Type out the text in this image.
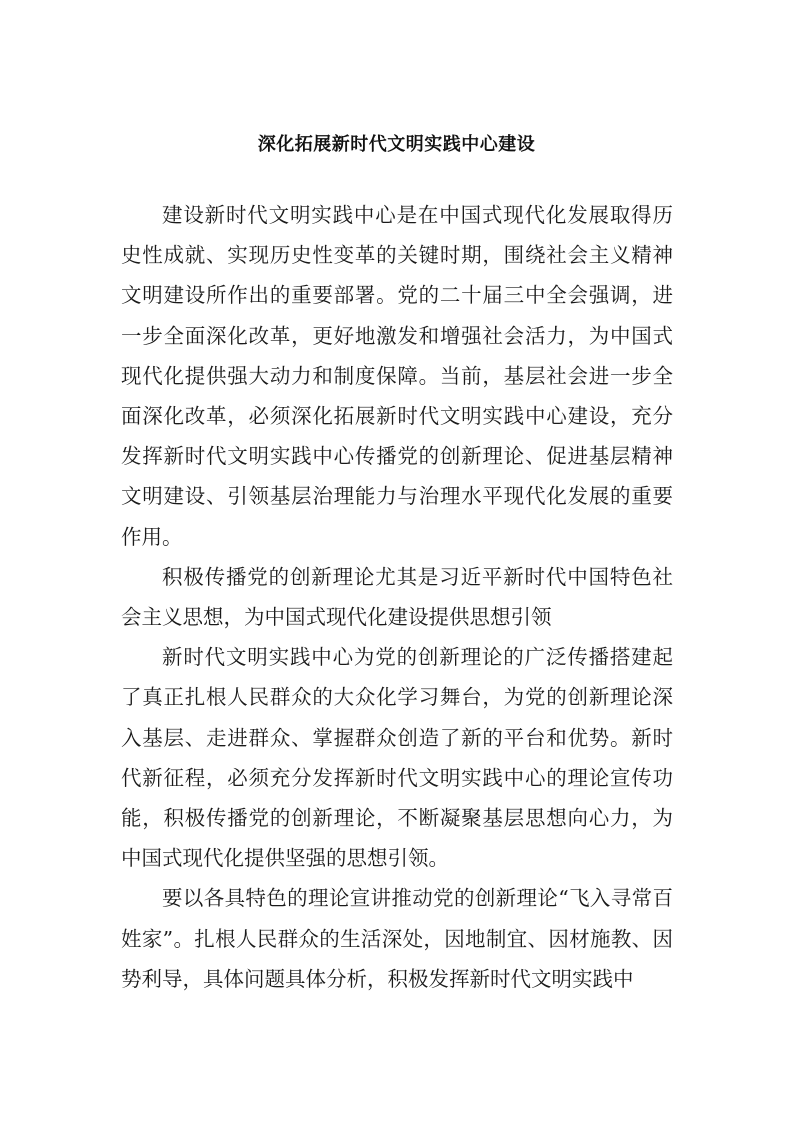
深化拓展新时代文明实践中心建设

建设新时代文明实践中心是在中国式现代化发展取得历史性成就、实现历史性变革的关键时期，围绕社会主义精神文明建设所作出的重要部署。党的二十届三中全会强调，进一步全面深化改革，更好地激发和增强社会活力，为中国式现代化提供强大动力和制度保障。当前，基层社会进一步全面深化改革，必须深化拓展新时代文明实践中心建设，充分发挥新时代文明实践中心传播党的创新理论、促进基层精神文明建设、引领基层治理能力与治理水平现代化发展的重要作用。

积极传播党的创新理论尤其是习近平新时代中国特色社会主义思想，为中国式现代化建设提供思想引领

新时代文明实践中心为党的创新理论的广泛传播搭建起了真正扎根人民群众的大众化学习舞台，为党的创新理论深入基层、走进群众、掌握群众创造了新的平台和优势。新时代新征程，必须充分发挥新时代文明实践中心的理论宣传功能，积极传播党的创新理论，不断凝聚基层思想向心力，为中国式现代化提供坚强的思想引领。

要以各具特色的理论宣讲推动党的创新理论“飞入寻常百姓家”。扎根人民群众的生活深处，因地制宜、因材施教、因势利导，具体问题具体分析，积极发挥新时代文明实践中
